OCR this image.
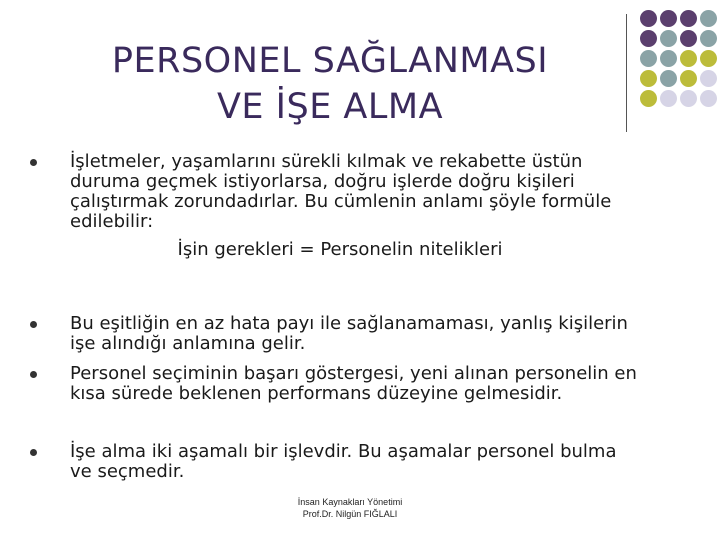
PERSONEL SAĞLANMASI
VE İŞE ALMA
İşletmeler, yaşamlarını sürekli kılmak ve rekabette üstün
duruma geçmek istiyorlarsa, doğru işlerde doğru kişileri
çalıştırmak zorundadırlar. Bu cümlenin anlamı şöyle formüle
edilebilir:
İşin gerekleri = Personelin nitelikleri
Bu eşitliğin en az hata payı ile sağlanamaması, yanlış kişilerin
işe alındığı anlamına gelir.
Personel seçiminin başarı göstergesi, yeni alınan personelin en
kısa sürede beklenen performans düzeyine gelmesidir.
İşe alma iki aşamalı bir işlevdir. Bu aşamalar personel bulma
ve seçmedir.
İnsan Kaynakları Yönetimi
Prof.Dr. Nilgün FIĞLALI
